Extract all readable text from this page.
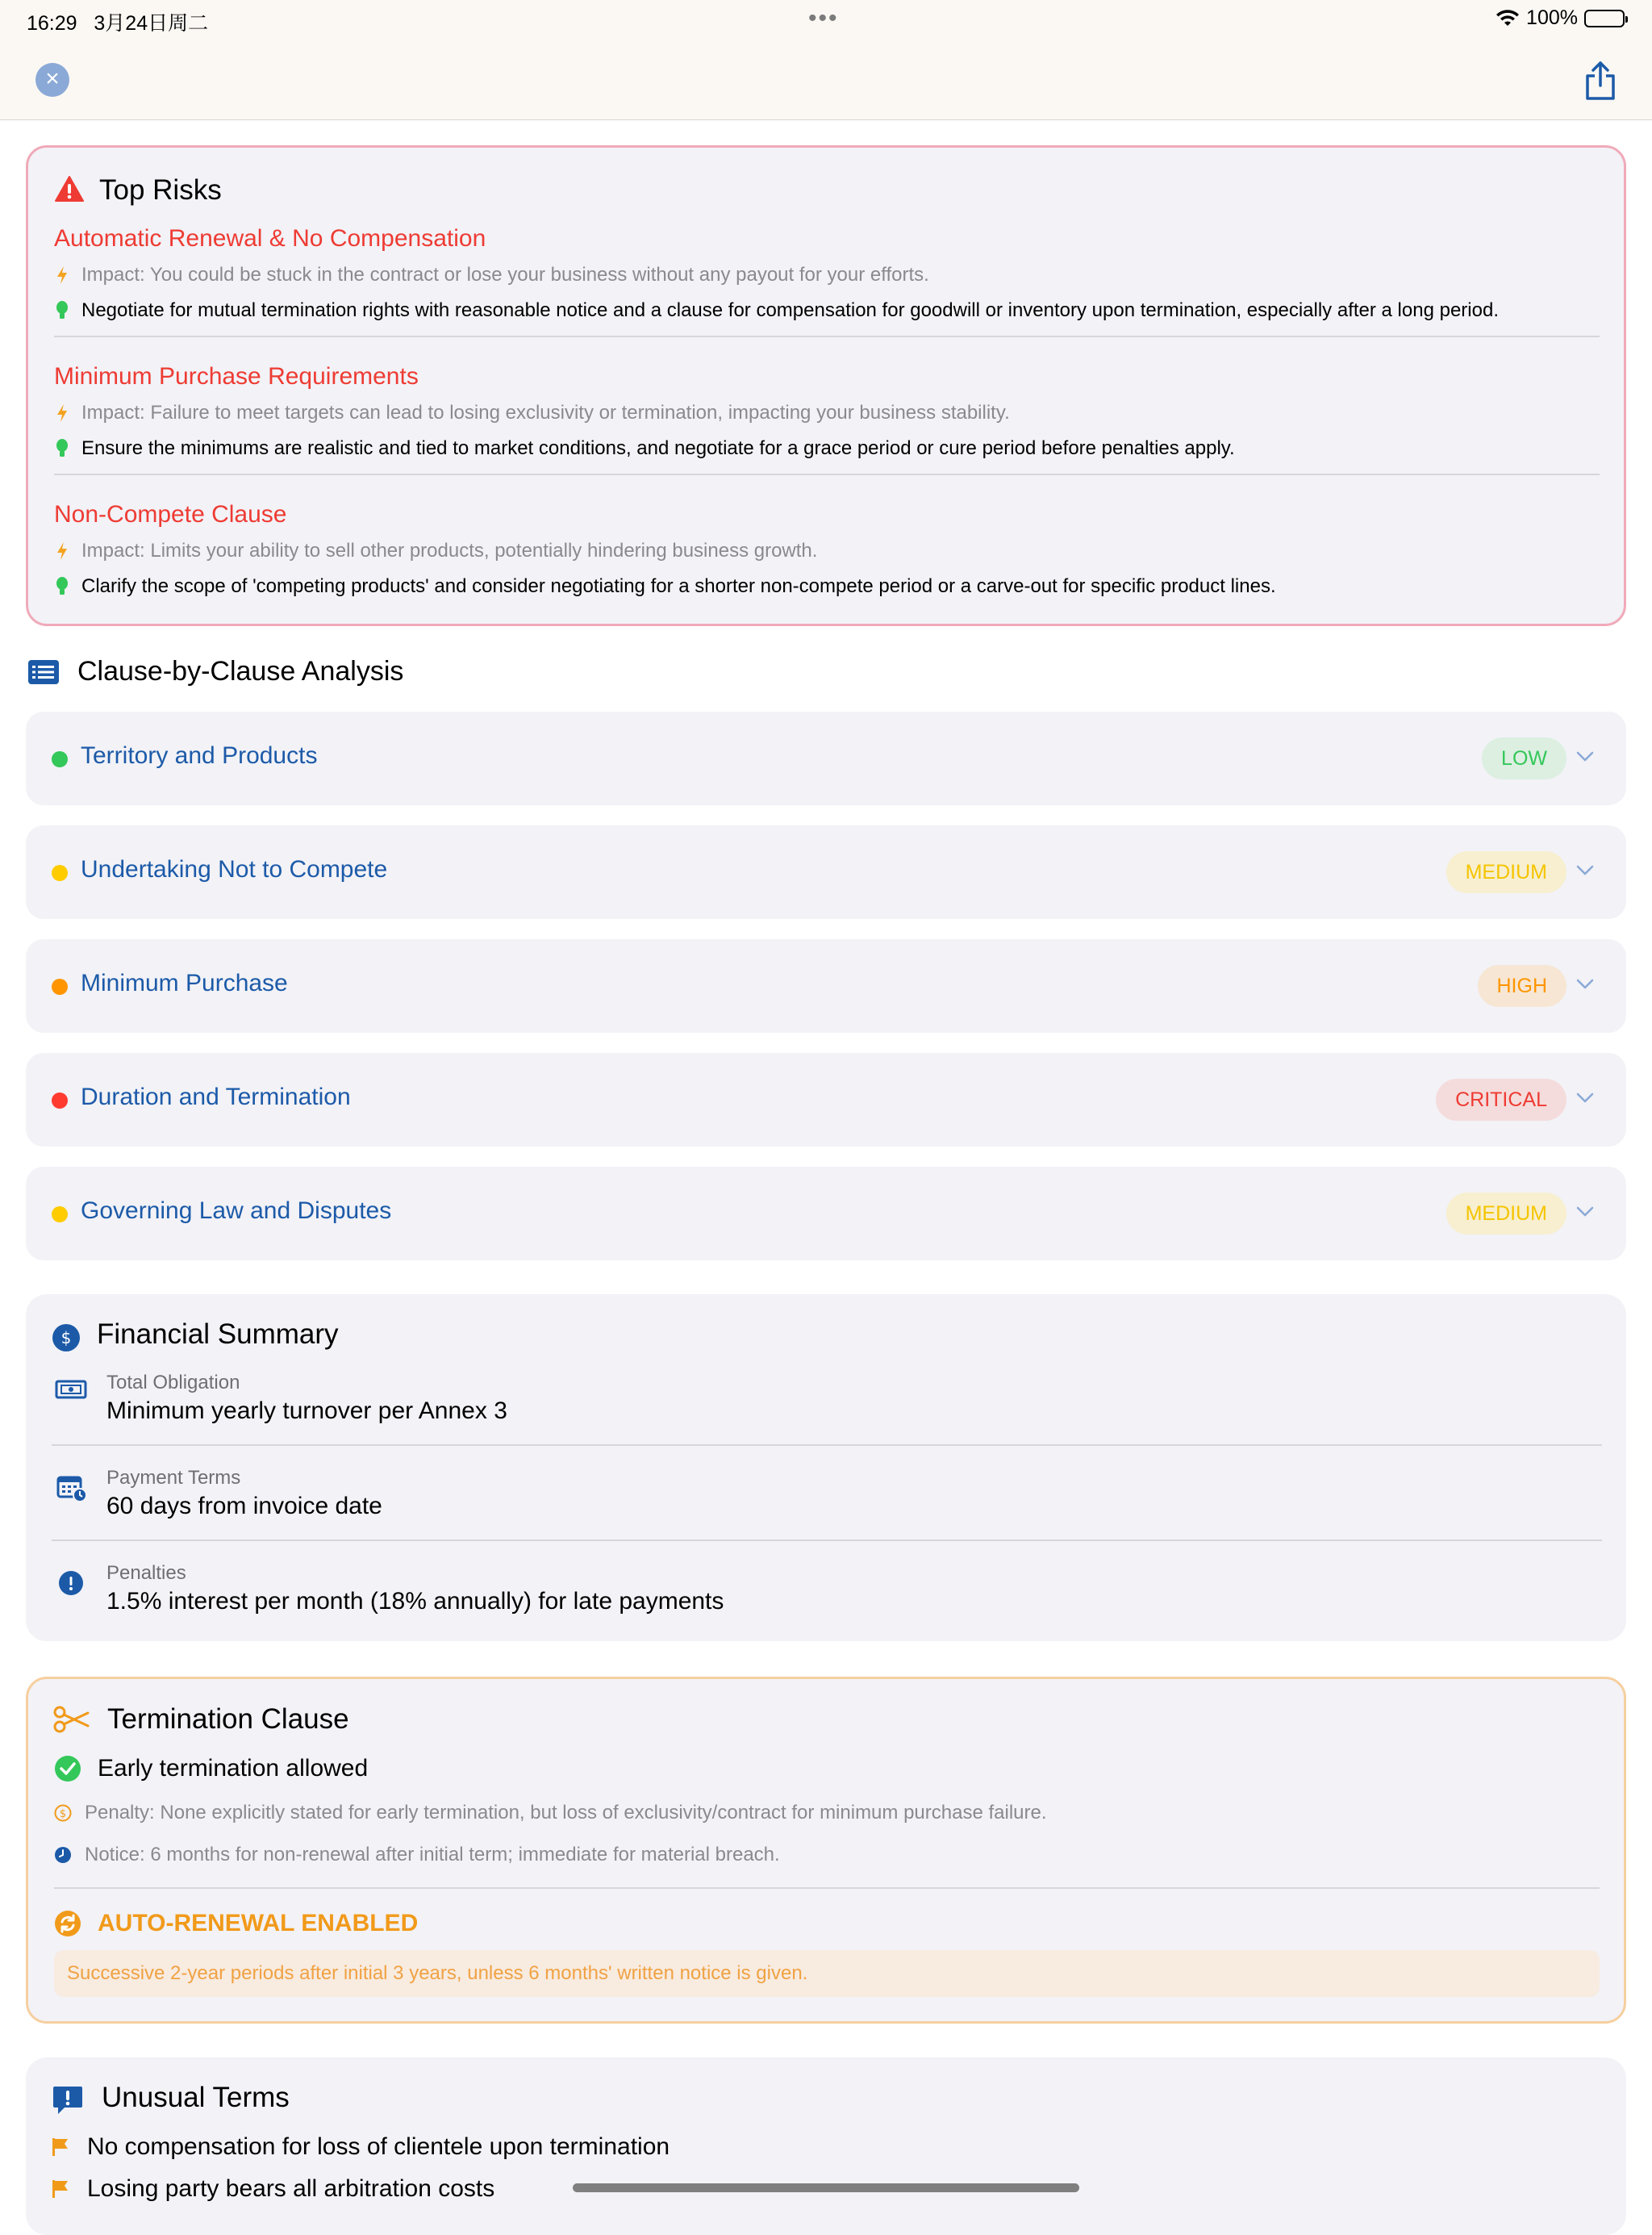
16:29 3月24日周二	•••	100%
×
Top Risks
Automatic Renewal & No Compensation
Impact: You could be stuck in the contract or lose your business without any payout for your efforts.
Negotiate for mutual termination rights with reasonable notice and a clause for compensation for goodwill or inventory upon termination, especially after a long period.
Minimum Purchase Requirements
Impact: Failure to meet targets can lead to losing exclusivity or termination, impacting your business stability.
Ensure the minimums are realistic and tied to market conditions, and negotiate for a grace period or cure period before penalties apply.
Non-Compete Clause
Impact: Limits your ability to sell other products, potentially hindering business growth.
Clarify the scope of 'competing products' and consider negotiating for a shorter non-compete period or a carve-out for specific product lines.
Clause-by-Clause Analysis
Territory and Products	LOW
Undertaking Not to Compete	MEDIUM
Minimum Purchase	HIGH
Duration and Termination	CRITICAL
Governing Law and Disputes	MEDIUM
$ Financial Summary
Total Obligation
Minimum yearly turnover per Annex 3
Payment Terms
60 days from invoice date
Penalties
1.5% interest per month (18% annually) for late payments
Termination Clause
Early termination allowed
$ Penalty: None explicitly stated for early termination, but loss of exclusivity/contract for minimum purchase failure.
Notice: 6 months for non-renewal after initial term; immediate for material breach.
AUTO-RENEWAL ENABLED
Successive 2-year periods after initial 3 years, unless 6 months' written notice is given.
Unusual Terms
No compensation for loss of clientele upon termination
Losing party bears all arbitration costs
